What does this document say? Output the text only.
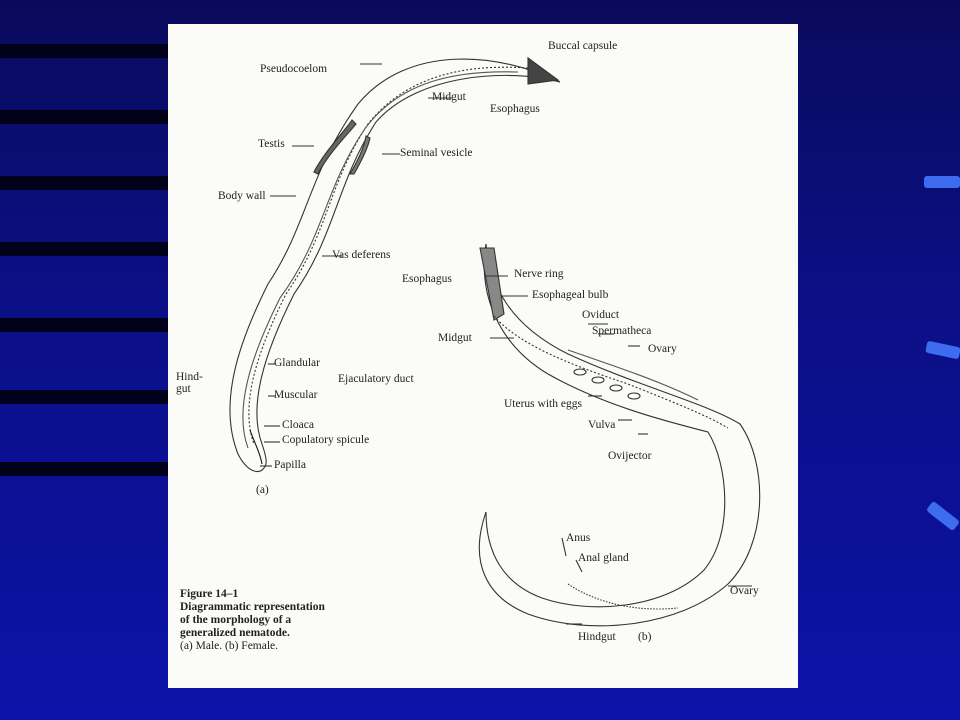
Buccal capsule
Pseudocoelom
Midgut
Esophagus
Testis
Seminal vesicle
Body wall
Vas deferens
Hind-
gut
Glandular
Muscular
Ejaculatory duct
Cloaca
Copulatory spicule
Papilla
(a)
Esophagus	Nerve ring
Esophageal bulb
Oviduct
Spermatheca
Midgut
Ovary
Uterus with eggs
Vulva
Ovijector
Anus
Anal gland
Ovary
Hindgut (b)
Figure 14–1
Diagrammatic representation
of the morphology of a
generalized nematode.
(a) Male. (b) Female.
